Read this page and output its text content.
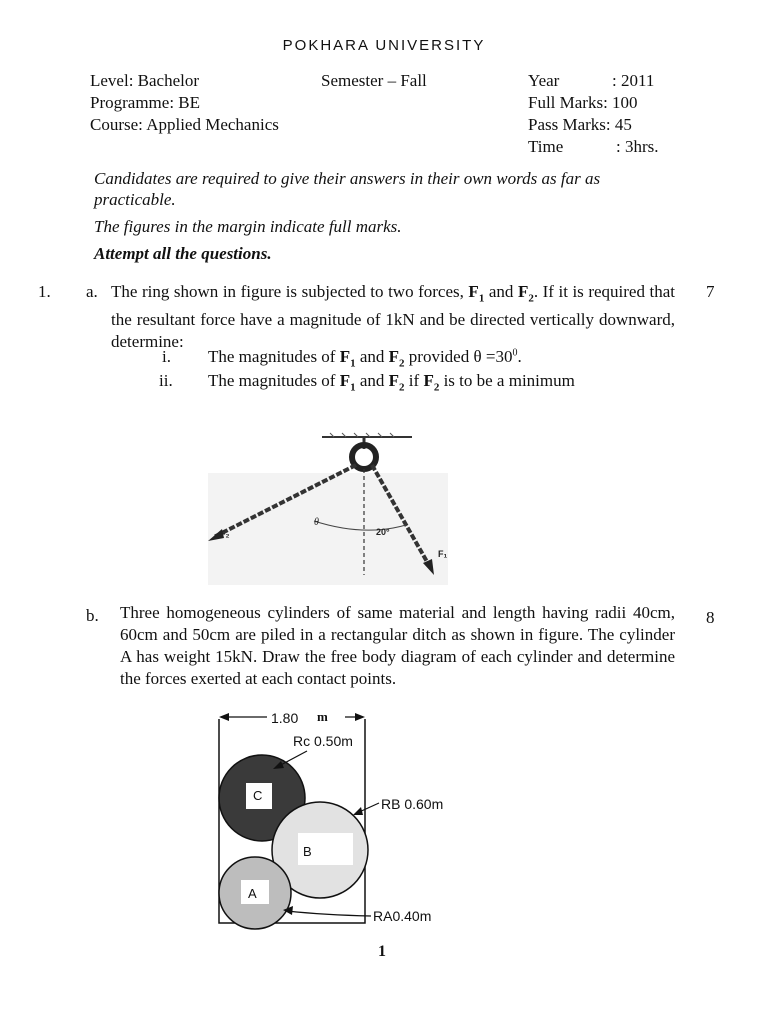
POKHARA UNIVERSITY
Level: Bachelor
Programme: BE
Course: Applied Mechanics
Semester – Fall	Year	: 2011
Full Marks: 100
Pass Marks: 45
Time	: 3hrs.
Candidates are required to give their answers in their own words as far as practicable.
The figures in the margin indicate full marks.
Attempt all the questions.
1. a.	7
The ring shown in figure is subjected to two forces, $F_1$ and $F_2$. If it is required that the resultant force have a magnitude of 1kN and be directed vertically downward, determine:
i. The magnitudes of $F_1$ and $F_2$ provided $\theta =30^0$.
ii. The magnitudes of $F_1$ and $F_2$ if $F_2$ is to be a minimum
θ
20°
F₂
F₁
b.	8
Three homogeneous cylinders of same material and length having radii 40cm, 60cm and 50cm are piled in a rectangular ditch as shown in figure. The cylinder A has weight 15kN. Draw the free body diagram of each cylinder and determine the forces exerted at each contact points.
1.80 m
C
B
A
Rc 0.50m
RB 0.60m
RA0.40m
1
